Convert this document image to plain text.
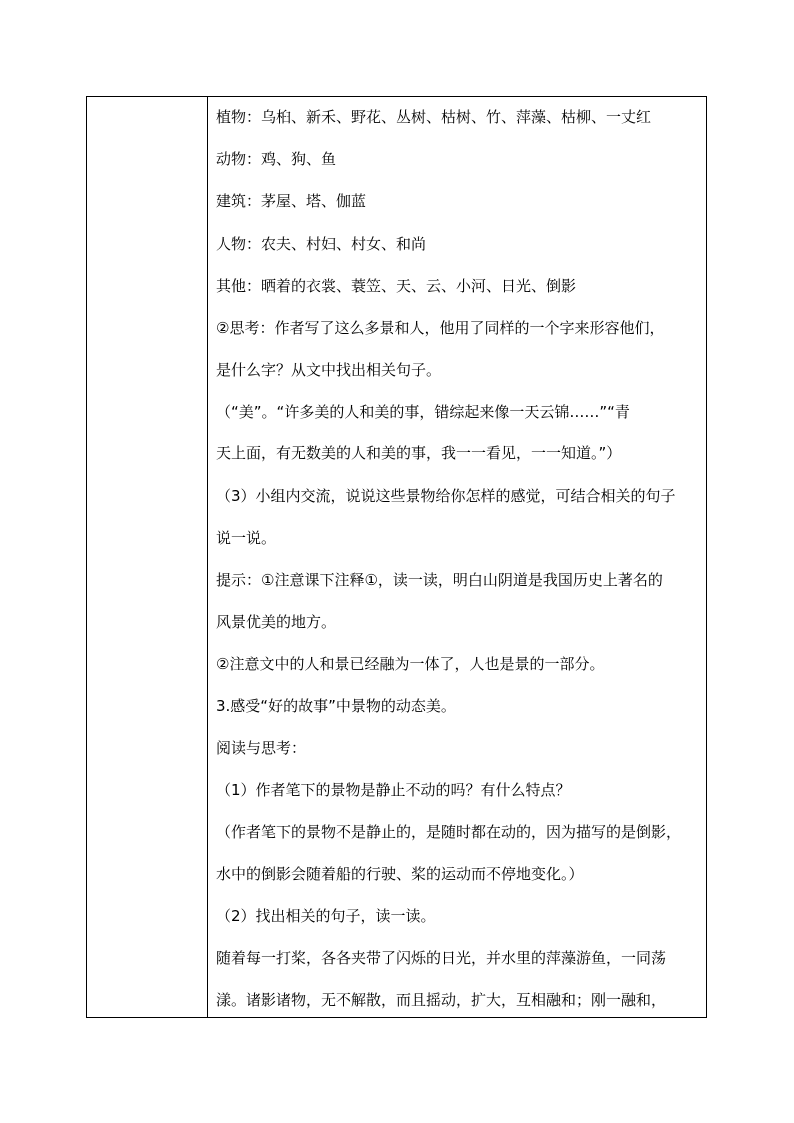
植物：乌桕、新禾、野花、丛树、枯树、竹、萍藻、枯柳、一丈红
动物：鸡、狗、鱼
建筑：茅屋、塔、伽蓝
人物：农夫、村妇、村女、和尚
其他：晒着的衣裳、蓑笠、天、云、小河、日光、倒影
②思考：作者写了这么多景和人，他用了同样的一个字来形容他们，
是什么字？从文中找出相关句子。
（“美”。“许多美的人和美的事，错综起来像一天云锦……”“青
天上面，有无数美的人和美的事，我一一看见，一一知道。”）
（3）小组内交流，说说这些景物给你怎样的感觉，可结合相关的句子
说一说。
提示：①注意课下注释①，读一读，明白山阴道是我国历史上著名的
风景优美的地方。
②注意文中的人和景已经融为一体了，人也是景的一部分。
3.感受“好的故事”中景物的动态美。
阅读与思考：
（1）作者笔下的景物是静止不动的吗？有什么特点？
（作者笔下的景物不是静止的，是随时都在动的，因为描写的是倒影，
水中的倒影会随着船的行驶、桨的运动而不停地变化。）
（2）找出相关的句子，读一读。
随着每一打桨，各各夹带了闪烁的日光，并水里的萍藻游鱼，一同荡
漾。诸影诸物，无不解散，而且摇动，扩大，互相融和；刚一融和，
